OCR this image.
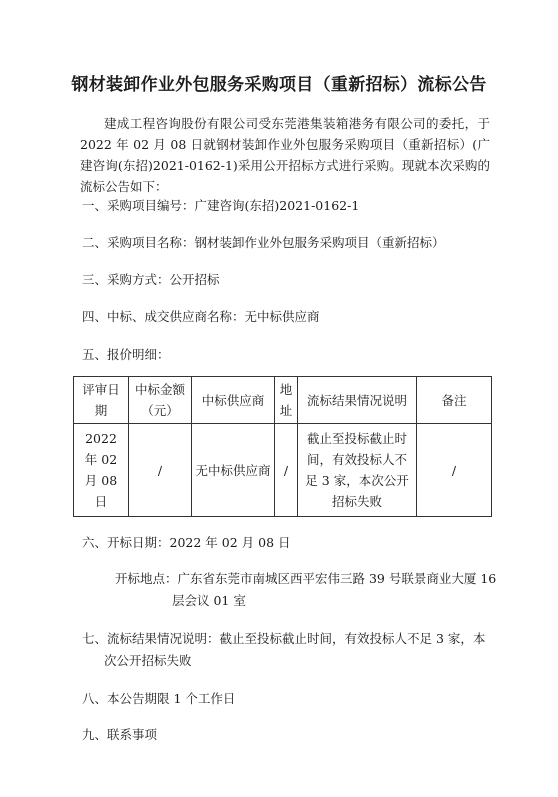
钢材装卸作业外包服务采购项目（重新招标）流标公告
建成工程咨询股份有限公司受东莞港集装箱港务有限公司的委托，于 2022 年 02 月 08 日就钢材装卸作业外包服务采购项目（重新招标）(广建咨询(东招)2021-0162-1)采用公开招标方式进行采购。现就本次采购的流标公告如下：
一、采购项目编号：广建咨询(东招)2021-0162-1
二、采购项目名称：钢材装卸作业外包服务采购项目（重新招标）
三、采购方式：公开招标
四、中标、成交供应商名称：无中标供应商
五、报价明细：
评审日期	中标金额（元）	中标供应商	地址	流标结果情况说明	备注
2022 年 02 月 08 日	/	无中标供应商	/	截止至投标截止时间，有效投标人不足 3 家，本次公开招标失败	/
六、开标日期：2022 年 02 月 08 日
开标地点：广东省东莞市南城区西平宏伟三路 39 号联景商业大厦 16
层会议 01 室
七、流标结果情况说明：截止至投标截止时间，有效投标人不足 3 家，本
次公开招标失败
八、本公告期限 1 个工作日
九、联系事项
